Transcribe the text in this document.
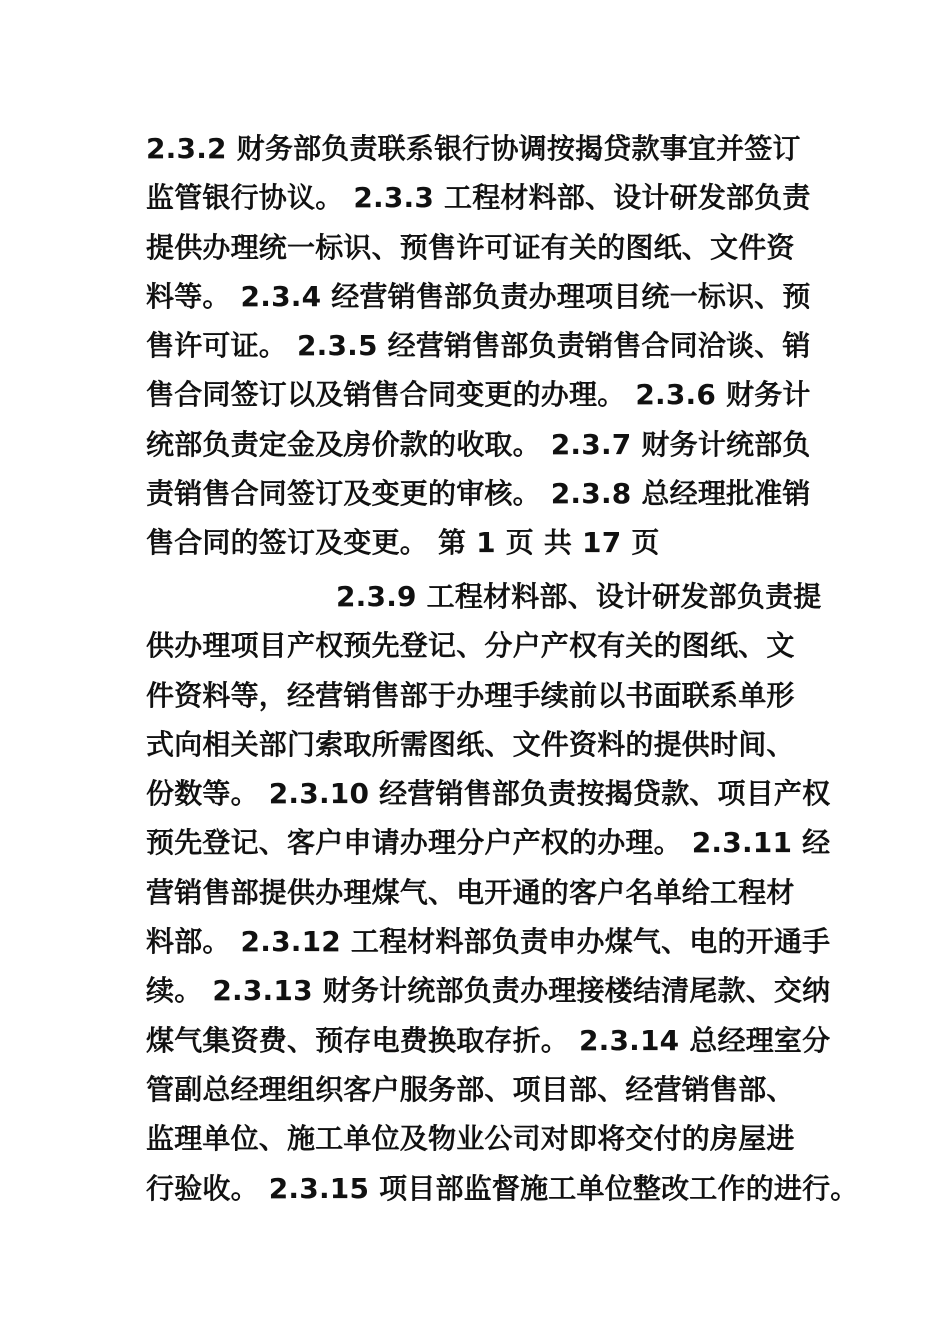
2.3.2 财务部负责联系银行协调按揭贷款事宜并签订
监管银行协议。 2.3.3 工程材料部、设计研发部负责
提供办理统一标识、预售许可证有关的图纸、文件资
料等。 2.3.4 经营销售部负责办理项目统一标识、预
售许可证。 2.3.5 经营销售部负责销售合同洽谈、销
售合同签订以及销售合同变更的办理。 2.3.6 财务计
统部负责定金及房价款的收取。 2.3.7 财务计统部负
责销售合同签订及变更的审核。 2.3.8 总经理批准销
售合同的签订及变更。 第 1 页 共 17 页
2.3.9 工程材料部、设计研发部负责提
供办理项目产权预先登记、分户产权有关的图纸、文
件资料等，经营销售部于办理手续前以书面联系单形
式向相关部门索取所需图纸、文件资料的提供时间、
份数等。 2.3.10 经营销售部负责按揭贷款、项目产权
预先登记、客户申请办理分户产权的办理。 2.3.11 经
营销售部提供办理煤气、电开通的客户名单给工程材
料部。 2.3.12 工程材料部负责申办煤气、电的开通手
续。 2.3.13 财务计统部负责办理接楼结清尾款、交纳
煤气集资费、预存电费换取存折。 2.3.14 总经理室分
管副总经理组织客户服务部、项目部、经营销售部、
监理单位、施工单位及物业公司对即将交付的房屋进
行验收。 2.3.15 项目部监督施工单位整改工作的进行。
